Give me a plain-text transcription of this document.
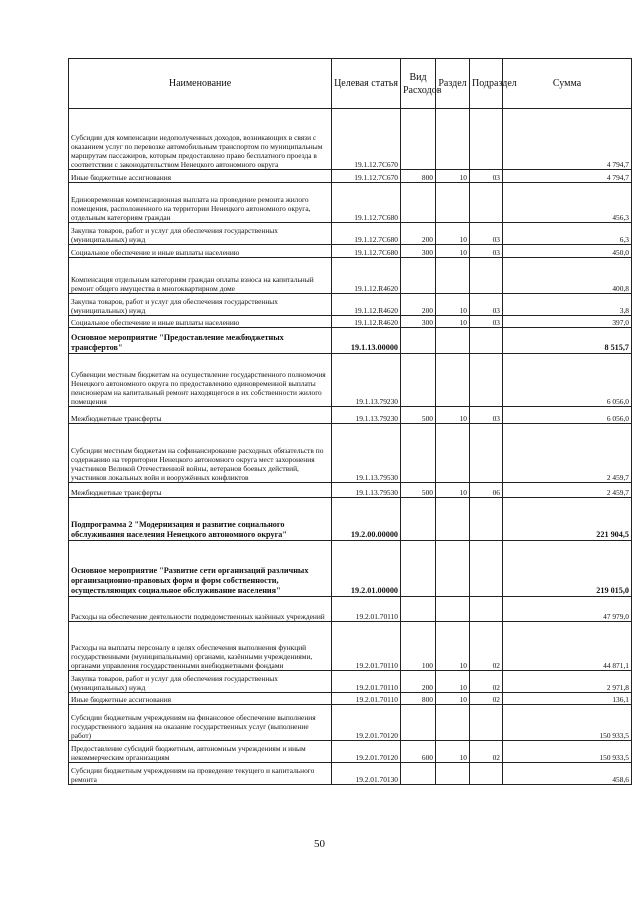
Наименование	Целевая статья	Вид Расходов	Раздел	Подраздел	Сумма
Субсидии для компенсации недополученных доходов, возникающих в связи с оказанием услуг по перевозке автомобильным транспортом по муниципальным маршрутам пассажиров, которым предоставлено право бесплатного проезда в соответствии с законодательством Ненецкого автономного округа	19.1.12.7С670				4 794,7
Иные бюджетные ассигнования	19.1.12.7С670	800	10	03	4 794,7
Единовременная компенсационная выплата на проведение ремонта жилого помещения, расположенного на территории Ненецкого автономного округа, отдельным категориям граждан	19.1.12.7С680				456,3
Закупка товаров, работ и услуг для обеспечения государственных (муниципальных) нужд	19.1.12.7С680	200	10	03	6,3
Социальное обеспечение и иные выплаты населению	19.1.12.7С680	300	10	03	450,0
Компенсация отдельным категориям граждан оплаты взноса на капитальный ремонт общего имущества в многоквартирном доме	19.1.12.R4620				400,8
Закупка товаров, работ и услуг для обеспечения государственных (муниципальных) нужд	19.1.12.R4620	200	10	03	3,8
Социальное обеспечение и иные выплаты населению	19.1.12.R4620	300	10	03	397,0
Основное мероприятие "Предоставление межбюджетных трансфертов"	19.1.13.00000				8 515,7
Субвенции местным бюджетам на осуществление государственного полномочия Ненецкого автономного округа по предоставлению единовременной выплаты пенсионерам на капитальный ремонт находящегося в их собственности жилого помещения	19.1.13.79230				6 056,0
Межбюджетные трансферты	19.1.13.79230	500	10	03	6 056,0
Субсидии местным бюджетам на софинансирование расходных обязательств по содержанию на территории Ненецкого автономного округа мест захоронения участников Великой Отечественной войны, ветеранов боевых действий, участников локальных войн и вооружённых конфликтов	19.1.13.79530				2 459,7
Межбюджетные трансферты	19.1.13.79530	500	10	06	2 459,7
Подпрограмма 2 "Модернизация и развитие социального обслуживания населения Ненецкого автономного округа"	19.2.00.00000				221 904,5
Основное мероприятие "Развитие сети организаций различных организационно-правовых форм и форм собственности, осуществляющих социальное обслуживание населения"	19.2.01.00000				219 015,0
Расходы на обеспечение деятельности подведомственных казённых учреждений	19.2.01.70110				47 979,0
Расходы на выплаты персоналу в целях обеспечения выполнения функций государственными (муниципальными) органами, казёнными учреждениями, органами управления государственными внебюджетными фондами	19.2.01.70110	100	10	02	44 871,1
Закупка товаров, работ и услуг для обеспечения государственных (муниципальных) нужд	19.2.01.70110	200	10	02	2 971,8
Иные бюджетные ассигнования	19.2.01.70110	800	10	02	136,1
Субсидии бюджетным учреждениям на финансовое обеспечение выполнения государственного задания на оказание государственных услуг (выполнение работ)	19.2.01.70120				150 933,5
Предоставление субсидий бюджетным, автономным учреждениям и иным некоммерческим организациям	19.2.01.70120	600	10	02	150 933,5
Субсидии бюджетным учреждениям на проведение текущего и капитального ремонта	19.2.01.70130				458,6
50
